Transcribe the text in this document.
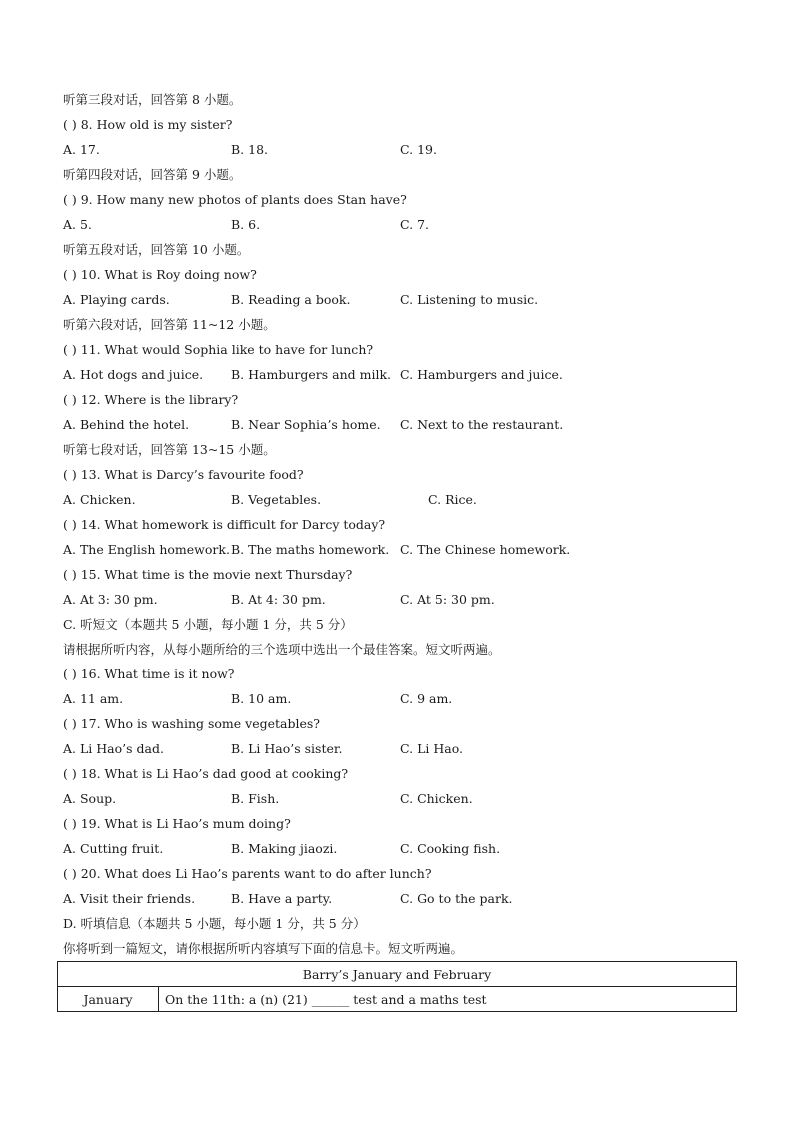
听第三段对话，回答第 8 小题。
( ) 8. How old is my sister?
A. 17.	B. 18.	C. 19.
听第四段对话，回答第 9 小题。
( ) 9. How many new photos of plants does Stan have?
A. 5.	B. 6.	C. 7.
听第五段对话，回答第 10 小题。
( ) 10. What is Roy doing now?
A. Playing cards.	B. Reading a book.	C. Listening to music.
听第六段对话，回答第 11~12 小题。
( ) 11. What would Sophia like to have for lunch?
A. Hot dogs and juice. B. Hamburgers and milk. C. Hamburgers and juice.
( ) 12. Where is the library?
A. Behind the hotel.	B. Near Sophia’s home. C. Next to the restaurant.
听第七段对话，回答第 13~15 小题。
( ) 13. What is Darcy’s favourite food?
A. Chicken.	B. Vegetables.	C. Rice.
( ) 14. What homework is difficult for Darcy today?
A. The English homework. B. The maths homework. C. The Chinese homework.
( ) 15. What time is the movie next Thursday?
A. At 3: 30 pm.	B. At 4: 30 pm.	C. At 5: 30 pm.
C. 听短文（本题共 5 小题，每小题 1 分，共 5 分）
请根据所听内容，从每小题所给的三个选项中选出一个最佳答案。短文听两遍。
( ) 16. What time is it now?
A. 11 am.	B. 10 am.	C. 9 am.
( ) 17. Who is washing some vegetables?
A. Li Hao’s dad.	B. Li Hao’s sister.	C. Li Hao.
( ) 18. What is Li Hao’s dad good at cooking?
A. Soup.	B. Fish.	C. Chicken.
( ) 19. What is Li Hao’s mum doing?
A. Cutting fruit.	B. Making jiaozi.	C. Cooking fish.
( ) 20. What does Li Hao’s parents want to do after lunch?
A. Visit their friends.	B. Have a party.	C. Go to the park.
D. 听填信息（本题共 5 小题，每小题 1 分，共 5 分）
你将听到一篇短文，请你根据所听内容填写下面的信息卡。短文听两遍。
Barry’s January and February
January	On the 11th: a (n) (21) ______ test and a maths test
